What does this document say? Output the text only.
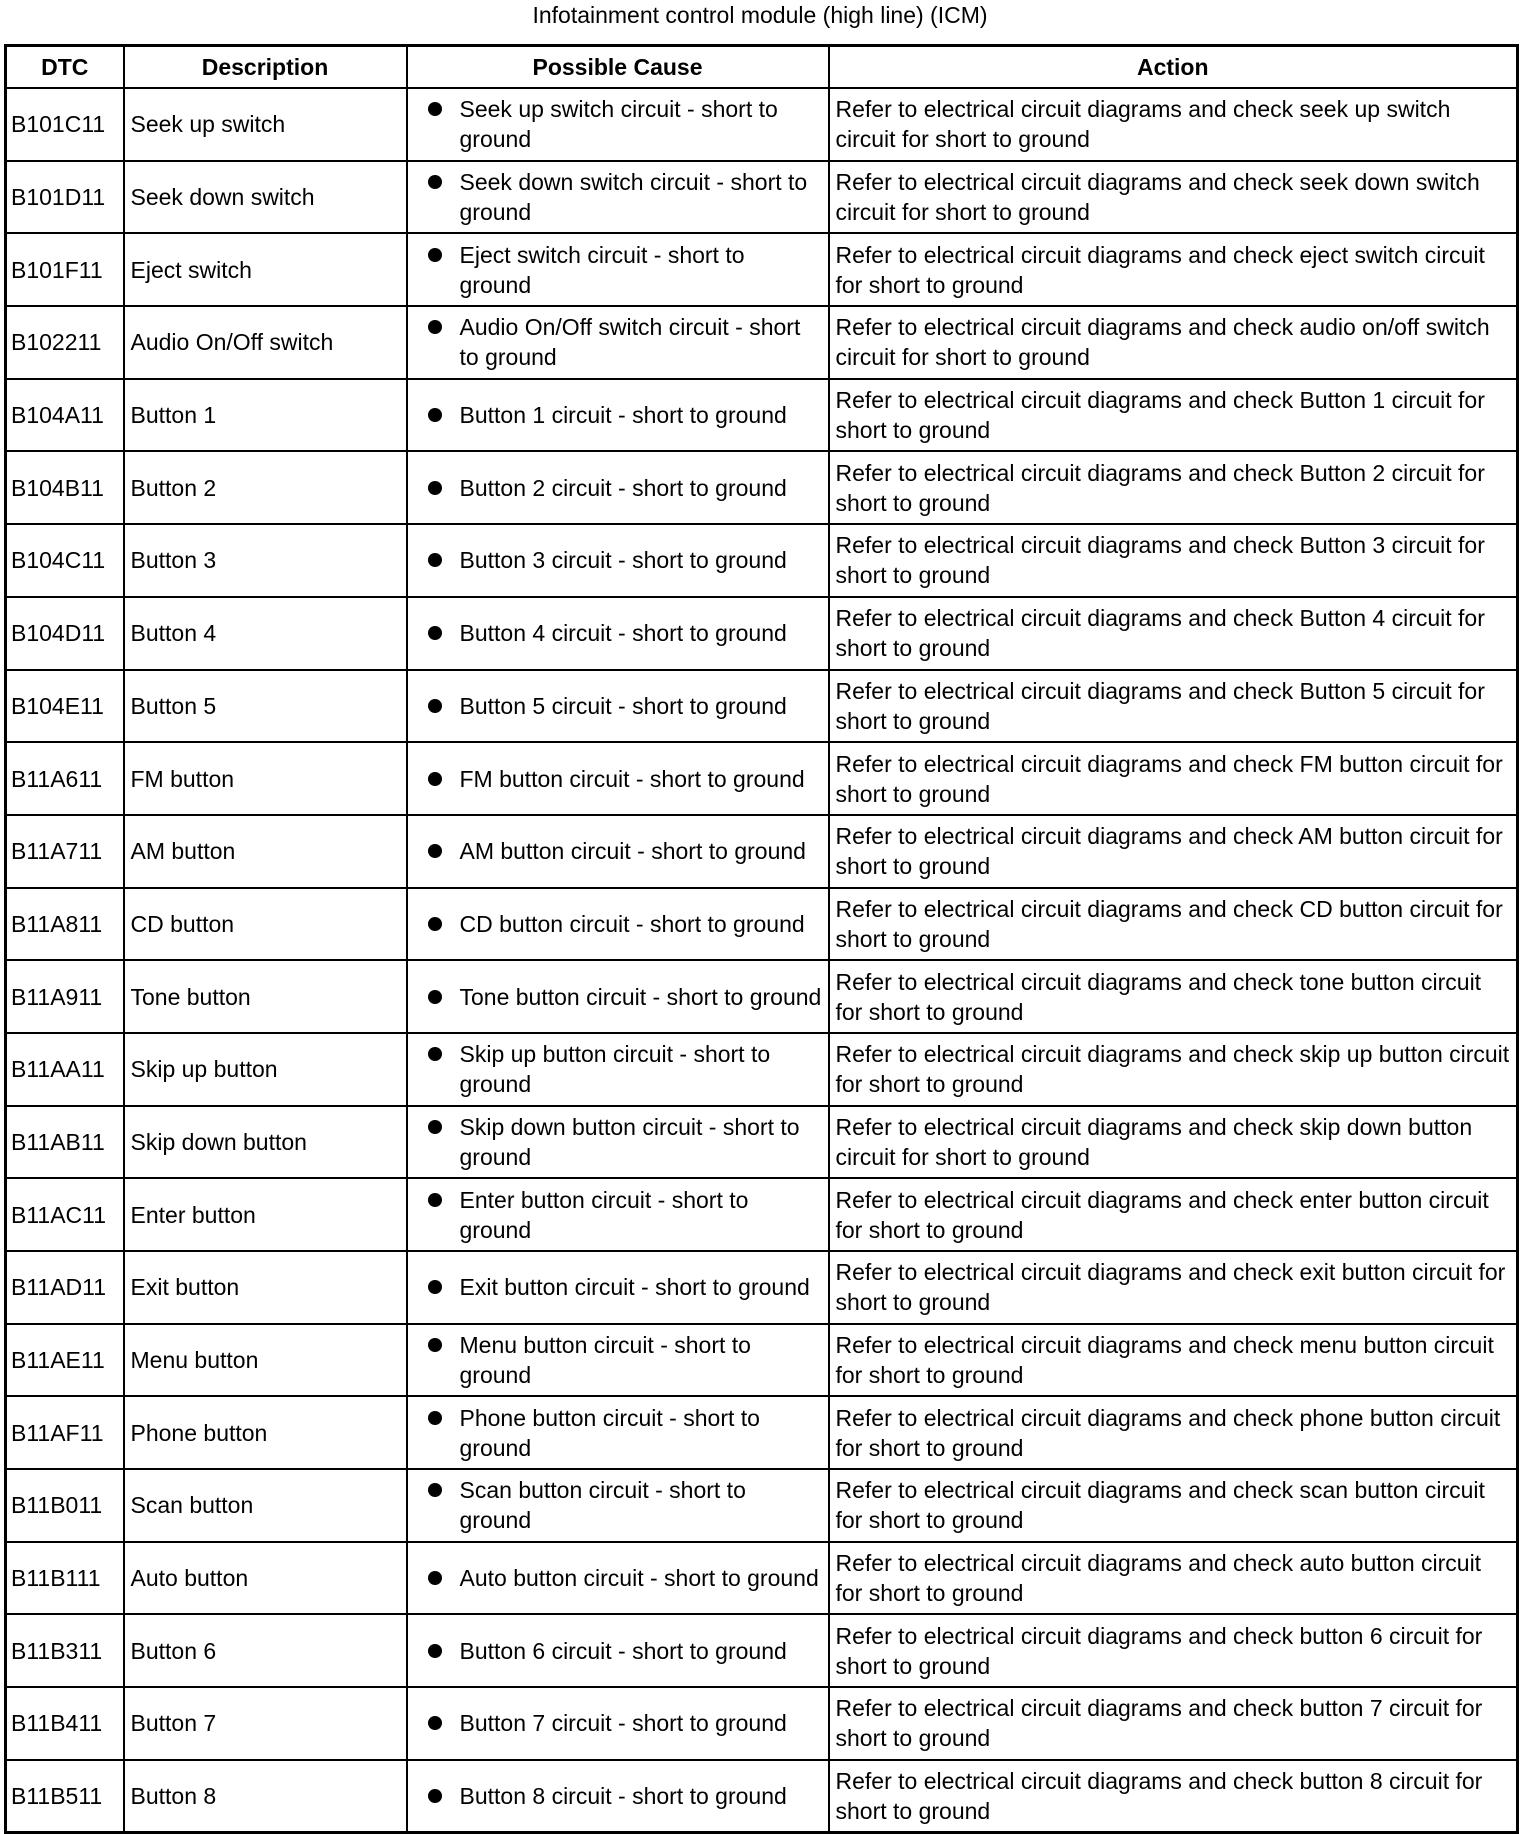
Infotainment control module (high line) (ICM)
DTC	Description	Possible Cause	Action
B101C11	Seek up switch	Seek up switch circuit - short to ground	Refer to electrical circuit diagrams and check seek up switch circuit for short to ground
B101D11	Seek down switch	Seek down switch circuit - short to ground	Refer to electrical circuit diagrams and check seek down switch circuit for short to ground
B101F11	Eject switch	Eject switch circuit - short to ground	Refer to electrical circuit diagrams and check eject switch circuit for short to ground
B102211	Audio On/Off switch	Audio On/Off switch circuit - short to ground	Refer to electrical circuit diagrams and check audio on/off switch circuit for short to ground
B104A11	Button 1	Button 1 circuit - short to ground	Refer to electrical circuit diagrams and check Button 1 circuit for short to ground
B104B11	Button 2	Button 2 circuit - short to ground	Refer to electrical circuit diagrams and check Button 2 circuit for short to ground
B104C11	Button 3	Button 3 circuit - short to ground	Refer to electrical circuit diagrams and check Button 3 circuit for short to ground
B104D11	Button 4	Button 4 circuit - short to ground	Refer to electrical circuit diagrams and check Button 4 circuit for short to ground
B104E11	Button 5	Button 5 circuit - short to ground	Refer to electrical circuit diagrams and check Button 5 circuit for short to ground
B11A611	FM button	FM button circuit - short to ground	Refer to electrical circuit diagrams and check FM button circuit for short to ground
B11A711	AM button	AM button circuit - short to ground	Refer to electrical circuit diagrams and check AM button circuit for short to ground
B11A811	CD button	CD button circuit - short to ground	Refer to electrical circuit diagrams and check CD button circuit for short to ground
B11A911	Tone button	Tone button circuit - short to ground	Refer to electrical circuit diagrams and check tone button circuit for short to ground
B11AA11	Skip up button	Skip up button circuit - short to ground	Refer to electrical circuit diagrams and check skip up button circuit for short to ground
B11AB11	Skip down button	Skip down button circuit - short to ground	Refer to electrical circuit diagrams and check skip down button circuit for short to ground
B11AC11	Enter button	Enter button circuit - short to ground	Refer to electrical circuit diagrams and check enter button circuit for short to ground
B11AD11	Exit button	Exit button circuit - short to ground	Refer to electrical circuit diagrams and check exit button circuit for short to ground
B11AE11	Menu button	Menu button circuit - short to ground	Refer to electrical circuit diagrams and check menu button circuit for short to ground
B11AF11	Phone button	Phone button circuit - short to ground	Refer to electrical circuit diagrams and check phone button circuit for short to ground
B11B011	Scan button	Scan button circuit - short to ground	Refer to electrical circuit diagrams and check scan button circuit for short to ground
B11B111	Auto button	Auto button circuit - short to ground	Refer to electrical circuit diagrams and check auto button circuit for short to ground
B11B311	Button 6	Button 6 circuit - short to ground	Refer to electrical circuit diagrams and check button 6 circuit for short to ground
B11B411	Button 7	Button 7 circuit - short to ground	Refer to electrical circuit diagrams and check button 7 circuit for short to ground
B11B511	Button 8	Button 8 circuit - short to ground	Refer to electrical circuit diagrams and check button 8 circuit for short to ground
